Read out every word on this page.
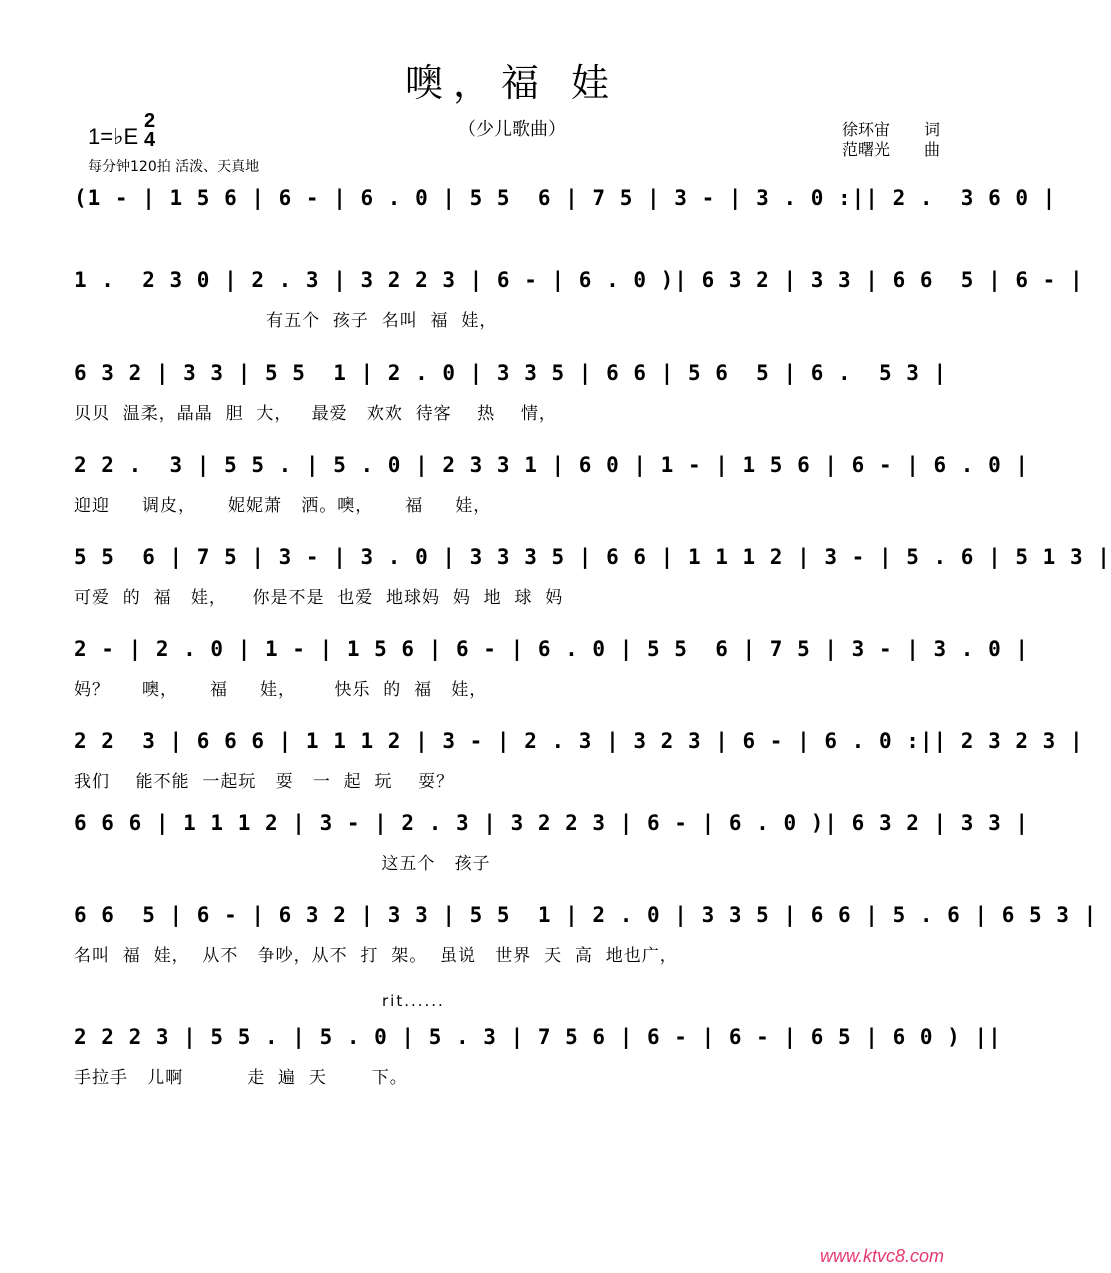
噢，福 娃
（少儿歌曲）
1=♭E
2
4
每分钟120拍 活泼、天真地
徐环宙 词
范曙光 曲
(1 - | 1 5 6 | 6 - | 6 . 0 | 5 5  6 | 7 5 | 3 - | 3 . 0 :|| 2 .  3 6 0 |
1 .  2 3 0 | 2 . 3 | 3 2 2 3 | 6 - | 6 . 0 )| 6 3 2 | 3 3 | 6 6  5 | 6 - |
有五个  孩子  名叫  福  娃，
6 3 2 | 3 3 | 5 5  1 | 2 . 0 | 3 3 5 | 6 6 | 5 6  5 | 6 .  5 3 |
贝贝  温柔，晶晶  胆  大，   最爱   欢欢  待客    热    情，
2 2 .  3 | 5 5 . | 5 . 0 | 2 3 3 1 | 6 0 | 1 - | 1 5 6 | 6 - | 6 . 0 |
迎迎     调皮，     妮妮萧   洒。噢，     福     娃，
5 5  6 | 7 5 | 3 - | 3 . 0 | 3 3 3 5 | 6 6 | 1 1 1 2 | 3 - | 5 . 6 | 5 1 3 |
可爱  的  福   娃，    你是不是  也爱  地球妈  妈  地  球  妈
2 - | 2 . 0 | 1 - | 1 5 6 | 6 - | 6 . 0 | 5 5  6 | 7 5 | 3 - | 3 . 0 |
妈？     噢，     福     娃，      快乐  的  福   娃，
2 2  3 | 6 6 6 | 1 1 1 2 | 3 - | 2 . 3 | 3 2 3 | 6 - | 6 . 0 :|| 2 3 2 3 |
我们    能不能  一起玩   耍   一  起  玩    耍？
6 6 6 | 1 1 1 2 | 3 - | 2 . 3 | 3 2 2 3 | 6 - | 6 . 0 )| 6 3 2 | 3 3 |
这五个   孩子
6 6  5 | 6 - | 6 3 2 | 3 3 | 5 5  1 | 2 . 0 | 3 3 5 | 6 6 | 5 . 6 | 6 5 3 |
名叫  福  娃，  从不   争吵，从不  打  架。  虽说   世界  天  高  地也广，
rit......
2 2 2 3 | 5 5 . | 5 . 0 | 5 . 3 | 7 5 6 | 6 - | 6 - | 6 5 | 6 0 ) ||
手拉手   儿啊          走  遍  天       下。
www.ktvc8.com
